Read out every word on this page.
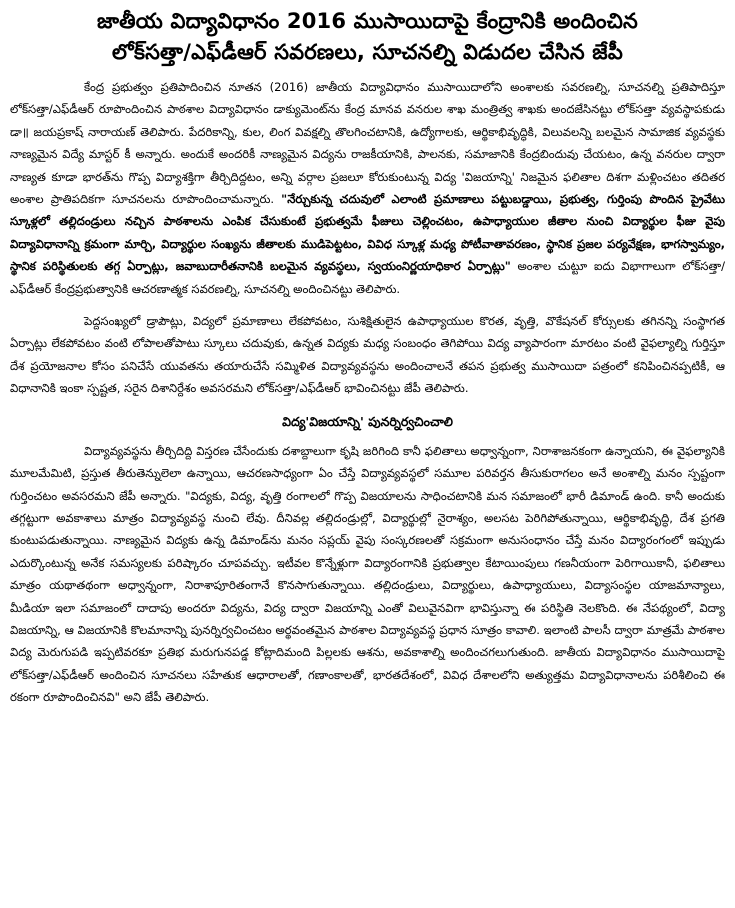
జాతీయ విద్యావిధానం 2016 ముసాయిదాపై కేంద్రానికి అందించిన
లోక్‌సత్తా/ఎఫ్‌డీఆర్ సవరణలు, సూచనల్ని విడుదల చేసిన జేపీ

కేంద్ర ప్రభుత్వం ప్రతిపాదించిన నూతన (2016) జాతీయ విద్యావిధానం ముసాయిదాలోని అంశాలకు సవరణల్ని, సూచనల్ని ప్రతిపాదిస్తూ లోక్‌సత్తా/ఎఫ్‌డీఆర్ రూపొందించిన పాఠశాల విద్యావిధానం డాక్యుమెంట్‌ను కేంద్ర మానవ వనరుల శాఖ మంత్రిత్వ శాఖకు అందజేసినట్టు లోక్‌సత్తా వ్యవస్థాపకుడు డా॥ జయప్రకాష్ నారాయణ్ తెలిపారు. పేదరికాన్ని, కుల, లింగ వివక్షల్ని తొలగించటానికి, ఉద్యోగాలకు, ఆర్థికాభివృద్ధికి, విలువలన్ని బలమైన సామాజిక వ్యవస్థకు నాణ్యమైన విద్యే మాస్టర్ కీ అన్నారు. అందుకే అందరికీ నాణ్యమైన విద్యను రాజకీయానికి, పాలనకు, సమాజానికి కేంద్రబిందువు చేయటం, ఉన్న వనరుల ద్వారా నాణ్యత కూడా భారత్‌ను గొప్ప విద్యాశక్తిగా తీర్చిదిద్దటం, అన్ని వర్గాల ప్రజలూ కోరుకుంటున్న విద్య 'విజయాన్ని' నిజమైన ఫలితాల దిశగా మళ్లించటం తదితర అంశాల ప్రాతిపదికగా సూచనలను రూపొందించామన్నారు. "నేర్చుకున్న చదువులో ఎలాంటి ప్రమాణాలు పట్టుబడ్డాయి, ప్రభుత్వ, గుర్తింపు పొందిన ప్రైవేటు స్కూళ్లలో తల్లిదండ్రులు నచ్చిన పాఠశాలను ఎంపిక చేసుకుంటే ప్రభుత్వమే ఫీజులు చెల్లించటం, ఉపాధ్యాయుల జీతాల నుంచి విద్యార్థుల ఫీజు వైపు విద్యావిధానాన్ని క్రమంగా మార్చి, విద్యార్థుల సంఖ్యను జీతాలకు ముడిపెట్టటం, వివిధ స్కూళ్ల మధ్య పోటీవాతావరణం, స్థానిక ప్రజల పర్యవేక్షణ, భాగస్వామ్యం, స్థానిక పరిస్థితులకు తగ్గ ఏర్పాట్లు, జవాబుదారీతనానికి బలమైన వ్యవస్థలు, స్వయంనిర్ణయాధికార ఏర్పాట్లు" అంశాల చుట్టూ ఐదు విభాగాలుగా లోక్‌సత్తా/ఎఫ్‌డీఆర్ కేంద్రప్రభుత్వానికి ఆచరణాత్మక సవరణల్ని, సూచనల్ని అందించినట్టు తెలిపారు.

పెద్దసంఖ్యలో డ్రాపౌట్లు, విద్యలో ప్రమాణాలు లేకపోవటం, సుశిక్షితులైన ఉపాధ్యాయుల కొరత, వృత్తి, వొకేషనల్ కోర్సులకు తగినన్ని సంస్థాగత ఏర్పాట్లు లేకపోవటం వంటి లోపాలతోపాటు స్కూలు చదువుకు, ఉన్నత విద్యకు మధ్య సంబంధం తెగిపోయి విద్య వ్యాపారంగా మారటం వంటి వైఫల్యాల్ని గుర్తిస్తూ దేశ ప్రయోజనాల కోసం పనిచేసే యువతను తయారుచేసే సమ్మిళిత విద్యావ్యవస్థను అందించాలనే తపన ప్రభుత్వ ముసాయిదా పత్రంలో కనిపించినప్పటికీ, ఆ విధానానికి ఇంకా స్పష్టత, సరైన దిశానిర్దేశం అవసరమని లోక్‌సత్తా/ఎఫ్‌డీఆర్ భావించినట్టు జేపీ తెలిపారు.

విద్య'విజయాన్ని' పునర్నిర్వచించాలి

విద్యావ్యవస్థను తీర్చిదిద్ది విస్తరణ చేసేందుకు దశాబ్దాలుగా కృషి జరిగింది కానీ ఫలితాలు అధ్వాన్నంగా, నిరాశాజనకంగా ఉన్నాయని, ఈ వైఫల్యానికి మూలమేమిటి, ప్రస్తుత తీరుతెన్నులెలా ఉన్నాయి, ఆచరణసాధ్యంగా ఏం చేస్తే విద్యావ్యవస్థలో సమూల పరివర్తన తీసుకురాగలం అనే అంశాల్ని మనం స్పష్టంగా గుర్తించటం అవసరమని జేపీ అన్నారు. "విద్యకు, విద్య, వృత్తి రంగాలలో గొప్ప విజయాలను సాధించటానికి మన సమాజంలో భారీ డిమాండ్ ఉంది. కానీ అందుకు తగ్గట్టుగా అవకాశాలు మాత్రం విద్యావ్యవస్థ నుంచి లేవు. దీనివల్ల తల్లిదండ్రుల్లో, విద్యార్థుల్లో నైరాశ్యం, అలసట పెరిగిపోతున్నాయి, ఆర్థికాభివృద్ధి, దేశ ప్రగతి కుంటుపడుతున్నాయి. నాణ్యమైన విద్యకు ఉన్న డిమాండ్‌ను మనం సప్లయ్ వైపు సంస్కరణలతో సక్రమంగా అనుసంధానం చేస్తే మనం విద్యారంగంలో ఇప్పుడు ఎదుర్కొంటున్న అనేక సమస్యలకు పరిష్కారం చూపవచ్చు. ఇటీవల కొన్నేళ్లుగా విద్యారంగానికి ప్రభుత్వాల కేటాయింపులు గణనీయంగా పెరిగాయికానీ, ఫలితాలు మాత్రం యథాతథంగా అధ్వాన్నంగా, నిరాశాపూరితంగానే కొనసాగుతున్నాయి. తల్లిదండ్రులు, విద్యార్థులు, ఉపాధ్యాయులు, విద్యాసంస్థల యాజమాన్యాలు, మీడియా ఇలా సమాజంలో దాదాపు అందరూ విద్యను, విద్య ద్వారా విజయాన్ని ఎంతో విలువైనవిగా భావిస్తున్నా ఈ పరిస్థితి నెలకొంది. ఈ నేపథ్యంలో, విద్యా విజయాన్ని, ఆ విజయానికి కొలమానాన్ని పునర్నిర్వచించటం అర్థవంతమైన పాఠశాల విద్యావ్యవస్థ ప్రధాన సూత్రం కావాలి. ఇలాంటి పాలసీ ద్వారా మాత్రమే పాఠశాల విద్య మెరుగుపడి ఇప్పటివరకూ ప్రతిభ మరుగునపడ్డ కోట్లాదిమంది పిల్లలకు ఆశను, అవకాశాల్ని అందించగలుగుతుంది. జాతీయ విద్యావిధానం ముసాయిదాపై లోక్‌సత్తా/ఎఫ్‌డీఆర్ అందించిన సూచనలు సహేతుక ఆధారాలతో, గణాంకాలతో, భారతదేశంలో, వివిధ దేశాలలోని అత్యుత్తమ విద్యావిధానాలను పరిశీలించి ఈ రకంగా రూపొందించినవి" అని జేపీ తెలిపారు.
